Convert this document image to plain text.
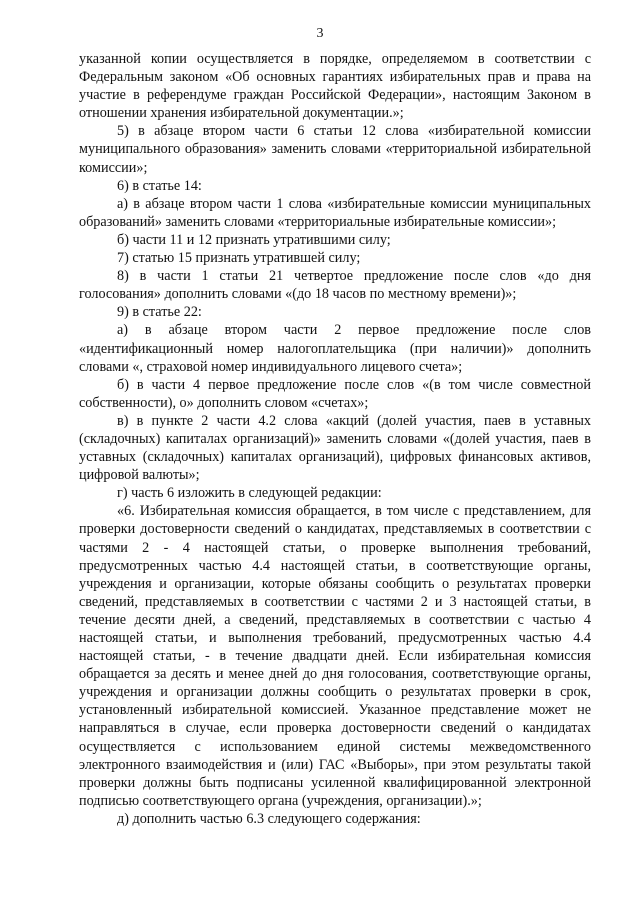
3

указанной копии осуществляется в порядке, определяемом в соответствии с Федеральным законом «Об основных гарантиях избирательных прав и права на участие в референдуме граждан Российской Федерации», настоящим Законом в отношении хранения избирательной документации.»;

5) в абзаце втором части 6 статьи 12 слова «избирательной комиссии муниципального образования» заменить словами «территориальной избирательной комиссии»;

6) в статье 14:

а) в абзаце втором части 1 слова «избирательные комиссии муниципальных образований» заменить словами «территориальные избирательные комиссии»;

б) части 11 и 12 признать утратившими силу;

7) статью 15 признать утратившей силу;

8) в части 1 статьи 21 четвертое предложение после слов «до дня голосования» дополнить словами «(до 18 часов по местному времени)»;

9) в статье 22:

а) в абзаце втором части 2 первое предложение после слов «идентификационный номер налогоплательщика (при наличии)» дополнить словами «, страховой номер индивидуального лицевого счета»;

б) в части 4 первое предложение после слов «(в том числе совместной собственности), о» дополнить словом «счетах»;

в) в пункте 2 части 4.2 слова «акций (долей участия, паев в уставных (складочных) капиталах организаций)» заменить словами «(долей участия, паев в уставных (складочных) капиталах организаций), цифровых финансовых активов, цифровой валюты»;

г) часть 6 изложить в следующей редакции:

«6. Избирательная комиссия обращается, в том числе с представлением, для проверки достоверности сведений о кандидатах, представляемых в соответствии с частями 2 - 4 настоящей статьи, о проверке выполнения требований, предусмотренных частью 4.4 настоящей статьи, в соответствующие органы, учреждения и организации, которые обязаны сообщить о результатах проверки сведений, представляемых в соответствии с частями 2 и 3 настоящей статьи, в течение десяти дней, а сведений, представляемых в соответствии с частью 4 настоящей статьи, и выполнения требований, предусмотренных частью 4.4 настоящей статьи, - в течение двадцати дней. Если избирательная комиссия обращается за десять и менее дней до дня голосования, соответствующие органы, учреждения и организации должны сообщить о результатах проверки в срок, установленный избирательной комиссией. Указанное представление может не направляться в случае, если проверка достоверности сведений о кандидатах осуществляется с использованием единой системы межведомственного электронного взаимодействия и (или) ГАС «Выборы», при этом результаты такой проверки должны быть подписаны усиленной квалифицированной электронной подписью соответствующего органа (учреждения, организации).»;

д) дополнить частью 6.3 следующего содержания:
